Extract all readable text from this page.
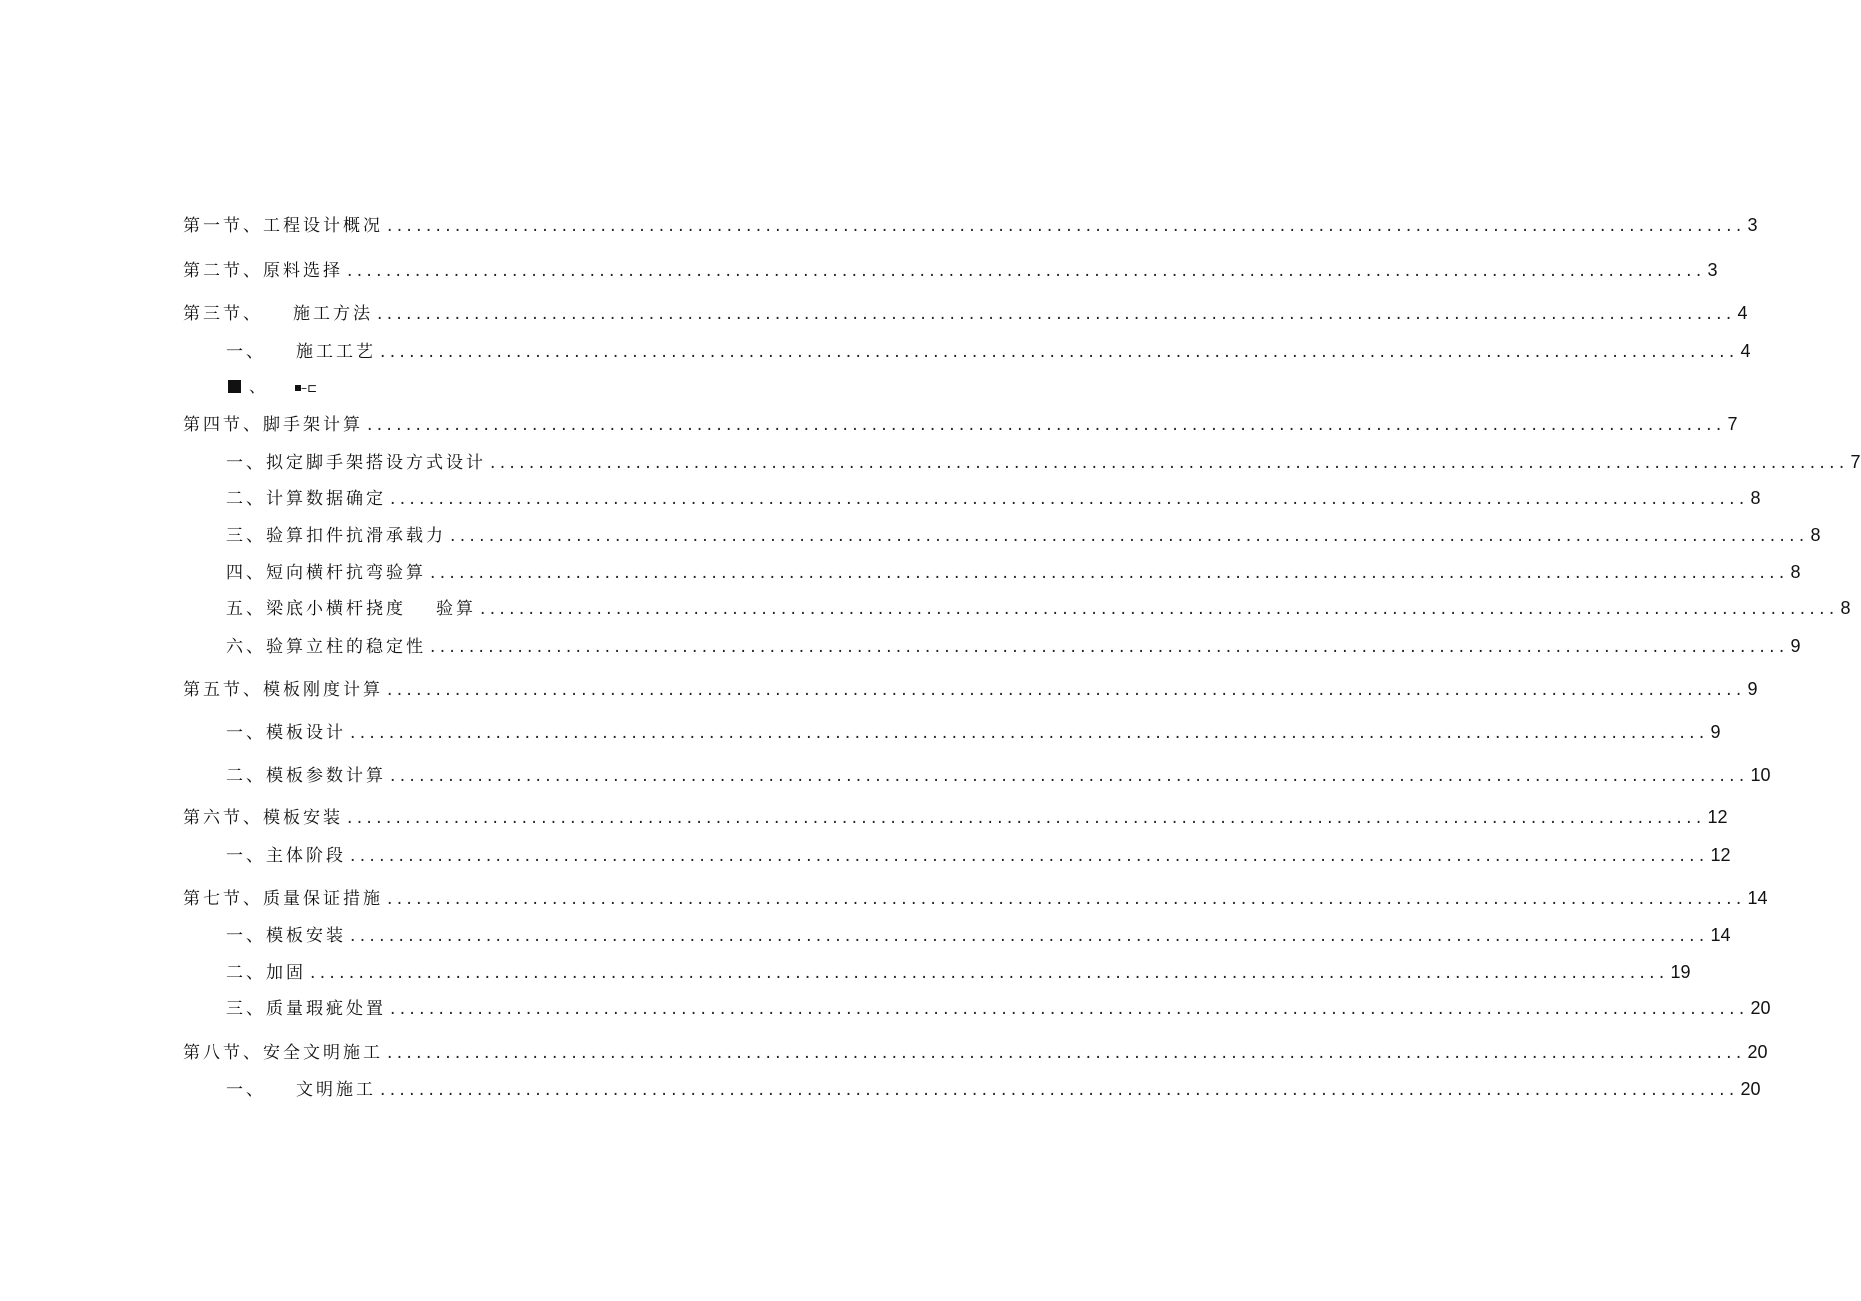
第一节、工程设计概况 ............................................................................................................................................ 3
第二节、原料选择 ............................................................................................................................................ 3
第三节、 施工方法 ............................................................................................................................................ 4
一、 施工工艺 ............................................................................................................................................ 4
第四节、脚手架计算 ............................................................................................................................................ 7
一、拟定脚手架搭设方式设计 ............................................................................................................................................ 7
二、计算数据确定 ............................................................................................................................................ 8
三、验算扣件抗滑承载力 ............................................................................................................................................ 8
四、短向横杆抗弯验算 ............................................................................................................................................ 8
五、梁底小横杆挠度 验算 ............................................................................................................................................ 8
六、验算立柱的稳定性 ............................................................................................................................................ 9
第五节、模板刚度计算 ............................................................................................................................................ 9
一、模板设计 ............................................................................................................................................ 9
二、模板参数计算 ............................................................................................................................................ 10
第六节、模板安装 ............................................................................................................................................ 12
一、主体阶段 ............................................................................................................................................ 12
第七节、质量保证措施 ............................................................................................................................................ 14
一、模板安装 ............................................................................................................................................ 14
二、加固 ............................................................................................................................................ 19
三、质量瑕疵处置 ............................................................................................................................................ 20
第八节、安全文明施工 ............................................................................................................................................ 20
一、 文明施工 ............................................................................................................................................ 20
、	–⊏
